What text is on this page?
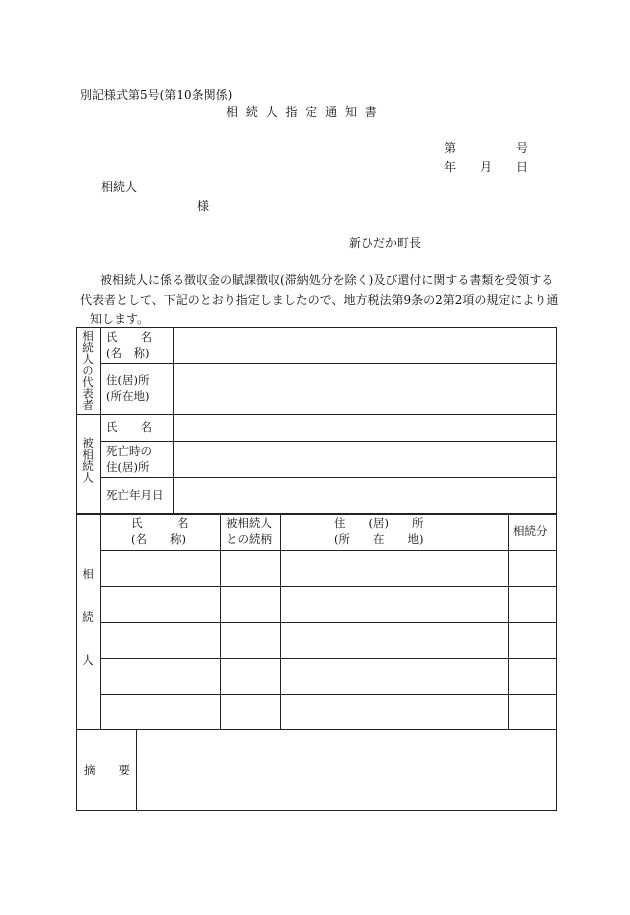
別記様式第5号(第10条関係)
相 続 人 指 定 通 知 書
第	号
年 月 日
相続人
様
新ひだか町長
被相続人に係る徴収金の賦課徴収(滞納処分を除く)及び還付に関する書類を受領する
代表者として、下記のとおり指定しましたので、地方税法第9条の2第2項の規定により通
知します。
相続人の代表者 氏　　名
(名　称)
住(居)所
(所在地)
被相続人
氏　　名
死亡時の
住(居)所
死亡年月日
相　続　人
氏　　　名
(名　　称)
被相続人
との続柄
住　　(居)　　所
(所　　在　　地)
相続分
摘　　要
